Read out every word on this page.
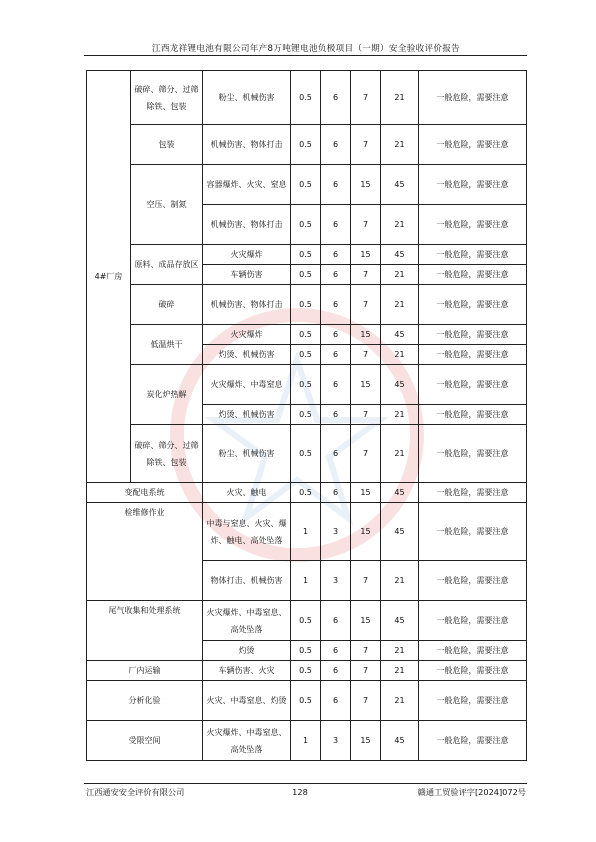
江西龙祥锂电池有限公司年产8万吨锂电池负极项目（一期）安全验收评价报告
4#厂房	破碎、筛分、过筛除铁、包装	粉尘、机械伤害	0.5	6	7	21	一般危险，需要注意
	包装	机械伤害、物体打击	0.5	6	7	21	一般危险，需要注意
	空压、制氮	容器爆炸、火灾、窒息	0.5	6	15	45	一般危险，需要注意
		机械伤害、物体打击	0.5	6	7	21	一般危险，需要注意
	原料、成品存放区	火灾爆炸	0.5	6	15	45	一般危险，需要注意
		车辆伤害	0.5	6	7	21	一般危险，需要注意
	破碎	机械伤害、物体打击	0.5	6	7	21	一般危险，需要注意
	低温烘干	火灾爆炸	0.5	6	15	45	一般危险，需要注意
		灼烫、机械伤害	0.5	6	7	21	一般危险，需要注意
	炭化炉热解	火灾爆炸、中毒窒息	0.5	6	15	45	一般危险，需要注意
		灼烫、机械伤害	0.5	6	7	21	一般危险，需要注意
	破碎、筛分、过筛除铁、包装	粉尘、机械伤害	0.5	6	7	21	一般危险，需要注意
变配电系统		火灾、触电	0.5	6	15	45	一般危险，需要注意
检维修作业		中毒与窒息、火灾、爆炸、触电、高处坠落	1	3	15	45	一般危险，需要注意
		物体打击、机械伤害	1	3	7	21	一般危险，需要注意
尾气收集和处理系统		火灾爆炸、中毒窒息、高处坠落	0.5	6	15	45	一般危险，需要注意
		灼烫	0.5	6	7	21	一般危险，需要注意
厂内运输		车辆伤害、火灾	0.5	6	7	21	一般危险，需要注意
分析化验		火灾、中毒窒息、灼烫	0.5	6	7	21	一般危险，需要注意
受限空间		火灾爆炸、中毒窒息、高处坠落	1	3	15	45	一般危险，需要注意
江西通安安全评价有限公司	128	赣通工贸验评字[2024]072号
